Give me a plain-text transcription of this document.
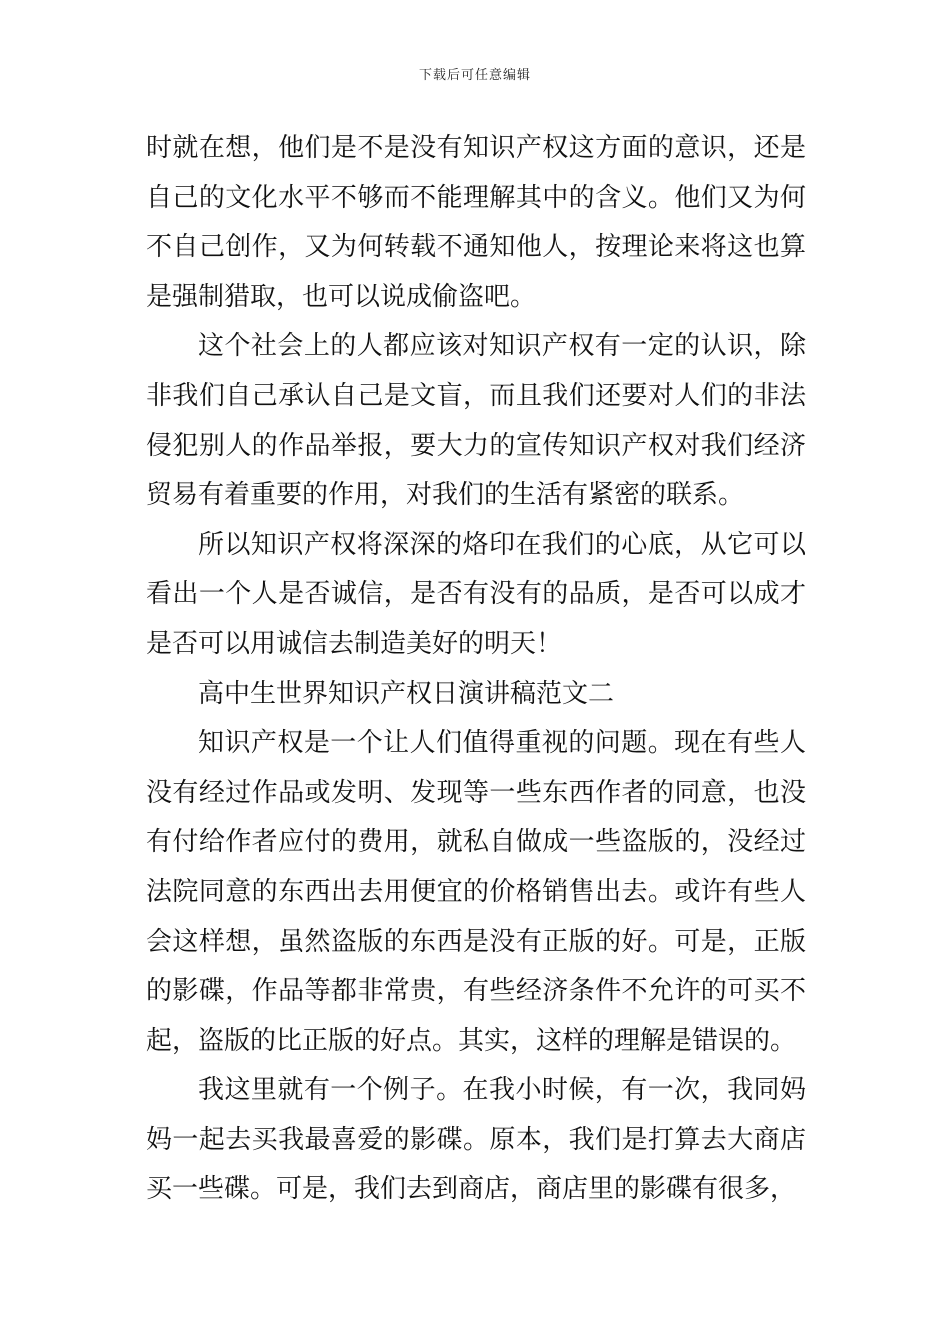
下载后可任意编辑

时就在想，他们是不是没有知识产权这方面的意识，还是自己的文化水平不够而不能理解其中的含义。他们又为何不自己创作，又为何转载不通知他人，按理论来将这也算是强制猎取，也可以说成偷盗吧。

这个社会上的人都应该对知识产权有一定的认识，除非我们自己承认自己是文盲，而且我们还要对人们的非法侵犯别人的作品举报，要大力的宣传知识产权对我们经济贸易有着重要的作用，对我们的生活有紧密的联系。

所以知识产权将深深的烙印在我们的心底，从它可以看出一个人是否诚信，是否有没有的品质，是否可以成才是否可以用诚信去制造美好的明天！

高中生世界知识产权日演讲稿范文二

知识产权是一个让人们值得重视的问题。现在有些人没有经过作品或发明、发现等一些东西作者的同意，也没有付给作者应付的费用，就私自做成一些盗版的，没经过法院同意的东西出去用便宜的价格销售出去。或许有些人会这样想，虽然盗版的东西是没有正版的好。可是，正版的影碟，作品等都非常贵，有些经济条件不允许的可买不起，盗版的比正版的好点。其实，这样的理解是错误的。

我这里就有一个例子。在我小时候，有一次，我同妈妈一起去买我最喜爱的影碟。原本，我们是打算去大商店买一些碟。可是，我们去到商店，商店里的影碟有很多，
